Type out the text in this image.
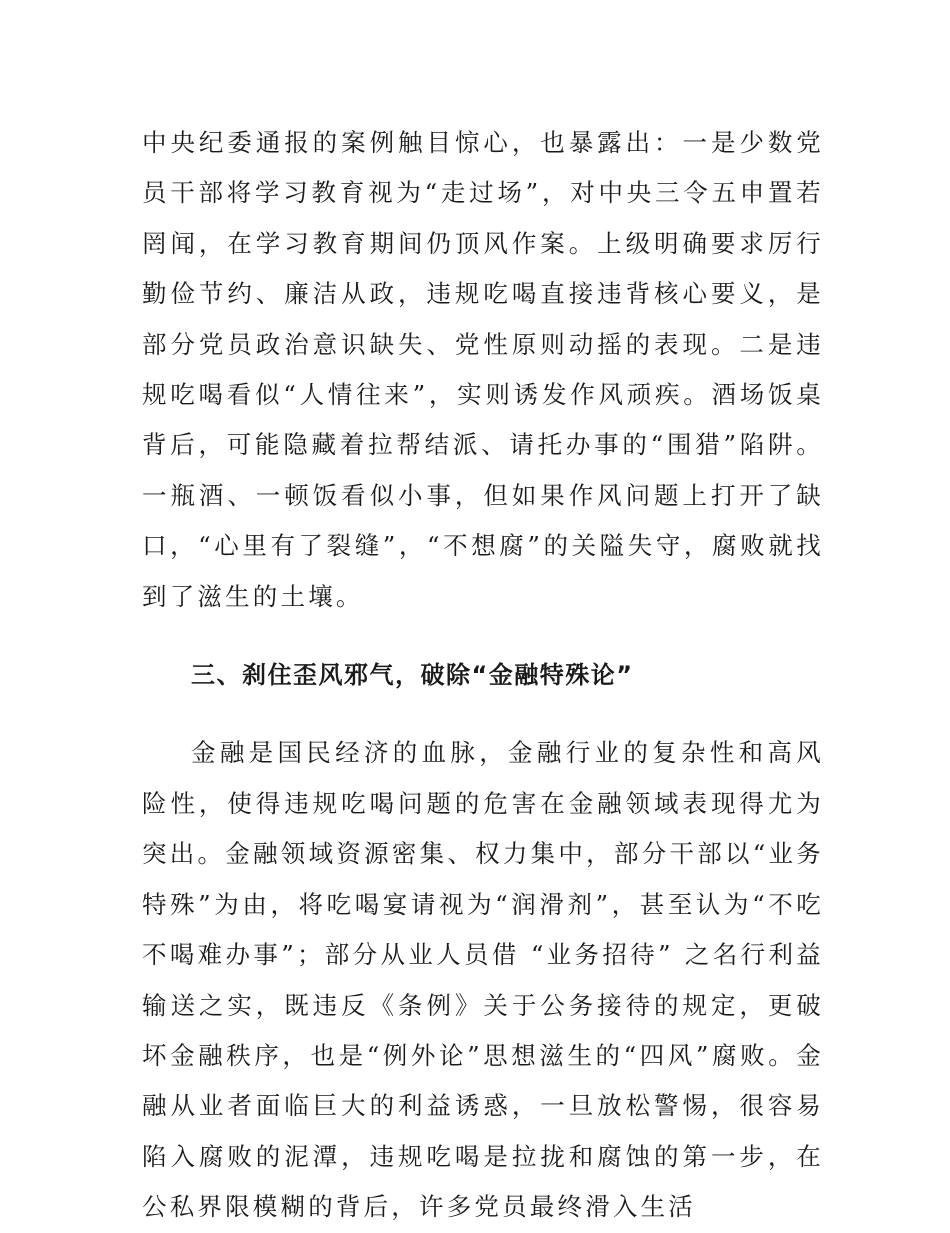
中央纪委通报的案例触目惊心，也暴露出：一是少数党员干部将学习教育视为“走过场”，对中央三令五申置若罔闻，在学习教育期间仍顶风作案。上级明确要求厉行勤俭节约、廉洁从政，违规吃喝直接违背核心要义，是部分党员政治意识缺失、党性原则动摇的表现。二是违规吃喝看似“人情往来”，实则诱发作风顽疾。酒场饭桌背后，可能隐藏着拉帮结派、请托办事的“围猎”陷阱。一瓶酒、一顿饭看似小事，但如果作风问题上打开了缺口，“心里有了裂缝”，“不想腐”的关隘失守，腐败就找到了滋生的土壤。

三、刹住歪风邪气，破除“金融特殊论”

金融是国民经济的血脉，金融行业的复杂性和高风险性，使得违规吃喝问题的危害在金融领域表现得尤为突出。金融领域资源密集、权力集中，部分干部以“业务特殊”为由，将吃喝宴请视为“润滑剂”，甚至认为“不吃不喝难办事”；部分从业人员借 “业务招待” 之名行利益输送之实，既违反《条例》关于公务接待的规定，更破坏金融秩序，也是“例外论”思想滋生的“四风”腐败。金融从业者面临巨大的利益诱惑，一旦放松警惕，很容易陷入腐败的泥潭，违规吃喝是拉拢和腐蚀的第一步，在公私界限模糊的背后，许多党员最终滑入生活
